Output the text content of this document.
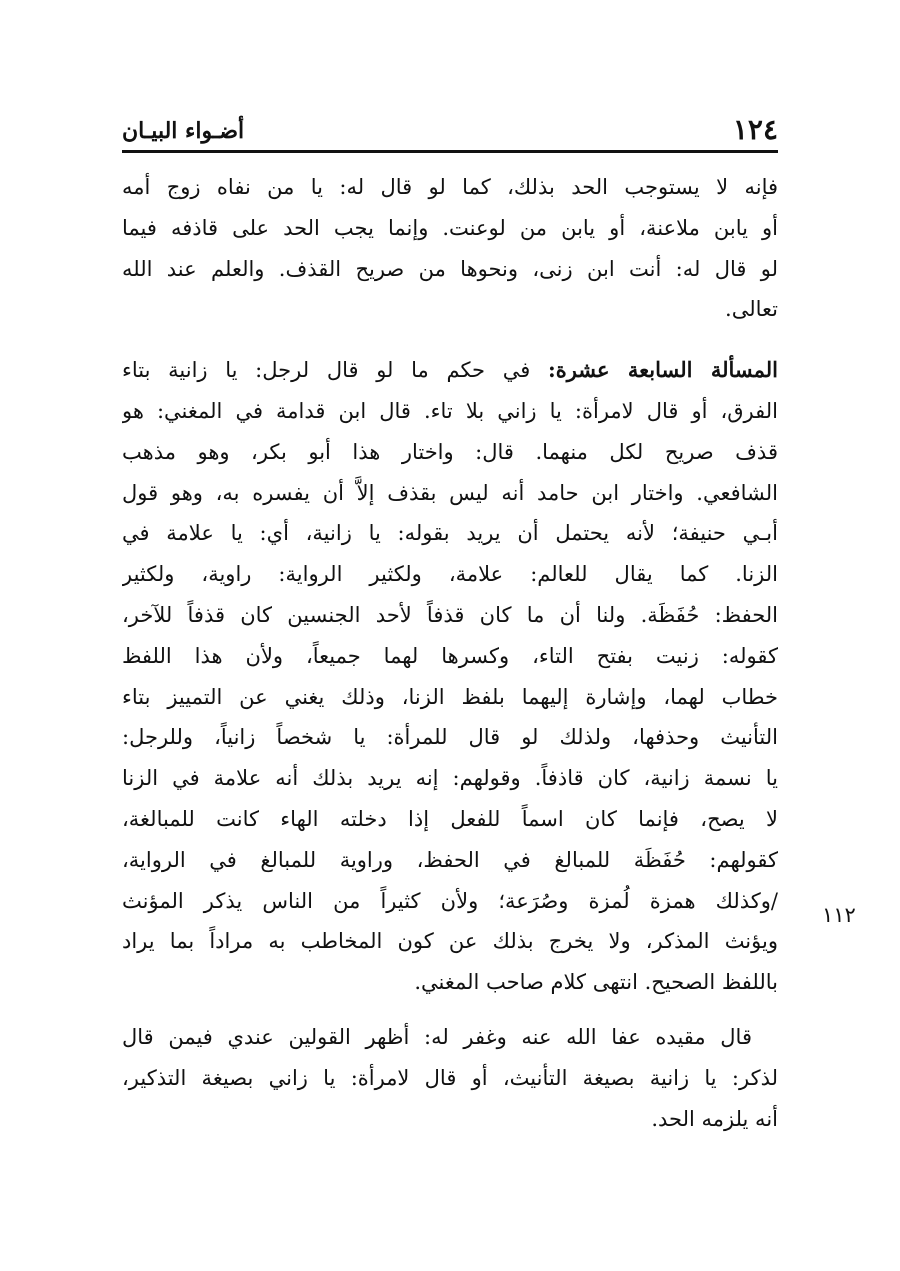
١٢٤
أضـواء البيـان
فإنه لا يستوجب الحد بذلك، كما لو قال له: يا من نفاه زوج أمه
أو يابن ملاعنة، أو يابن من لوعنت. وإنما يجب الحد على قاذفه فيما
لو قال له: أنت ابن زنى، ونحوها من صريح القذف. والعلم عند الله
تعالى.
المسألة السابعة عشرة: في حكم ما لو قال لرجل: يا زانية بتاء
الفرق، أو قال لامرأة: يا زاني بلا تاء. قال ابن قدامة في المغني: هو
قذف صريح لكل منهما. قال: واختار هذا أبو بكر، وهو مذهب
الشافعي. واختار ابن حامد أنه ليس بقذف إلاَّ أن يفسره به، وهو قول
أبـي حنيفة؛ لأنه يحتمل أن يريد بقوله: يا زانية، أي: يا علامة في
الزنا. كما يقال للعالم: علامة، ولكثير الرواية: راوية، ولكثير
الحفظ: حُفَظَة. ولنا أن ما كان قذفاً لأحد الجنسين كان قذفاً للآخر،
كقوله: زنيت بفتح التاء، وكسرها لهما جميعاً، ولأن هذا اللفظ
خطاب لهما، وإشارة إليهما بلفظ الزنا، وذلك يغني عن التمييز بتاء
التأنيث وحذفها، ولذلك لو قال للمرأة: يا شخصاً زانياً، وللرجل:
يا نسمة زانية، كان قاذفاً. وقولهم: إنه يريد بذلك أنه علامة في الزنا
لا يصح، فإنما كان اسماً للفعل إذا دخلته الهاء كانت للمبالغة،
كقولهم: حُفَظَة للمبالغ في الحفظ، وراوية للمبالغ في الرواية،
/وكذلك همزة لُمزة وصُرَعة؛ ولأن كثيراً من الناس يذكر المؤنث
ويؤنث المذكر، ولا يخرج بذلك عن كون المخاطب به مراداً بما يراد
باللفظ الصحيح. انتهى كلام صاحب المغني.
قال مقيده عفا الله عنه وغفر له: أظهر القولين عندي فيمن قال
لذكر: يا زانية بصيغة التأنيث، أو قال لامرأة: يا زاني بصيغة التذكير،
أنه يلزمه الحد.
١١٢
